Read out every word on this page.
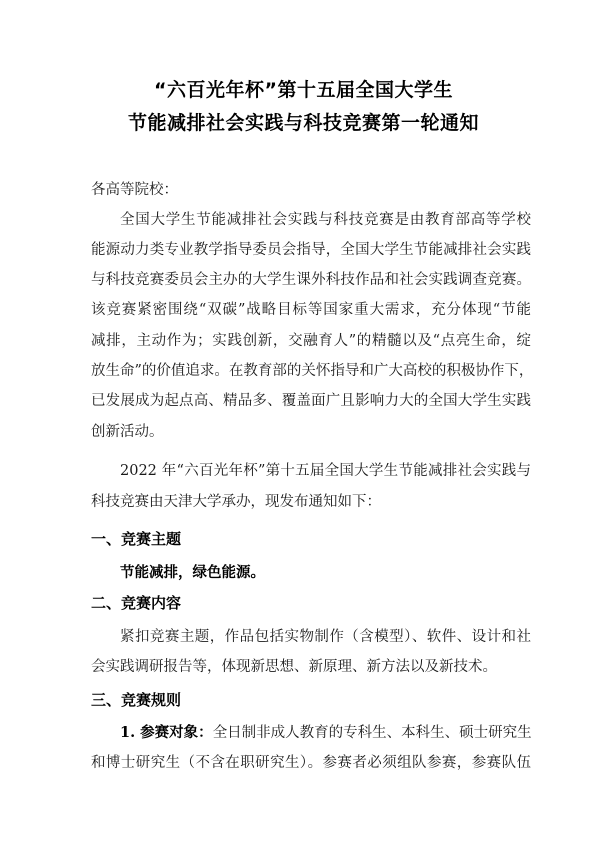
“六百光年杯”第十五届全国大学生
节能减排社会实践与科技竞赛第一轮通知
各高等院校：
全国大学生节能减排社会实践与科技竞赛是由教育部高等学校
能源动力类专业教学指导委员会指导，全国大学生节能减排社会实践
与科技竞赛委员会主办的大学生课外科技作品和社会实践调查竞赛。
该竞赛紧密围绕“双碳”战略目标等国家重大需求，充分体现“节能
减排，主动作为；实践创新，交融育人”的精髓以及“点亮生命，绽
放生命”的价值追求。在教育部的关怀指导和广大高校的积极协作下，
已发展成为起点高、精品多、覆盖面广且影响力大的全国大学生实践
创新活动。
2022 年“六百光年杯”第十五届全国大学生节能减排社会实践与
科技竞赛由天津大学承办，现发布通知如下：
一、竞赛主题
节能减排，绿色能源。
二、竞赛内容
紧扣竞赛主题，作品包括实物制作（含模型）、软件、设计和社
会实践调研报告等，体现新思想、新原理、新方法以及新技术。
三、竞赛规则
1. 参赛对象：全日制非成人教育的专科生、本科生、硕士研究生
和博士研究生（不含在职研究生）。参赛者必须组队参赛，参赛队伍
